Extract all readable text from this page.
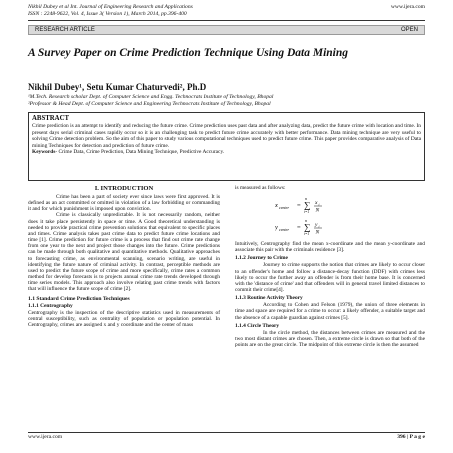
Nikhil Dubey et al Int. Journal of Engineering Research and Applications
ISSN : 2248-9622, Vol. 4, Issue 3( Version 1), March 2014, pp.396-400
www.ijera.com
RESEARCH ARTICLE	OPEN
A Survey Paper on Crime Prediction Technique Using Data Mining
Nikhil Dubey¹, Setu Kumar Chaturvedi², Ph.D
¹M.Tech. Research scholar Dept. of Computer Science and Engg. Technocrats Institute of Technology, Bhopal
²Professor & Head Dept. of Computer Science and Engineering Technocrats Institute of Technology, Bhopal
ABSTRACT
Crime prediction is an attempt to identify and reducing the future crime. Crime prediction uses past data and after analyzing data, predict the future crime with location and time. In present days serial criminal cases rapidly occur so it is an challenging task to predict future crime accurately with better performance. Data mining technique are very useful to solving Crime detection problem. So the aim of this paper to study various computational techniques used to predict future crime. This paper provides comparative analysis of Data mining Techniques for detection and prediction of future crime.
Keywords- Crime Data, Crime Prediction, Data Mining Technique, Predictive Accuracy.
I. INTRODUCTION

Crime has been a part of society ever since laws were first approved. It is defined as an act committed or omitted in violation of a law forbidding or commanding it and for which punishment is imposed upon conviction.

Crime is classically unpredictable. It is not necessarily random, neither does it take place persistently in space or time. A Good theoretical understanding is needed to provide practical crime prevention solutions that equivalent to specific places and times. Crime analysis takes past crime data to predict future crime locations and time [1]. Crime prediction for future crime is a process that find out crime rate change from one year to the next and project those changes into the future. Crime predictions can be made through both qualitative and quantitative methods. Qualitative approaches to forecasting crime, as environmental scanning, scenario writing, are useful in identifying the future nature of criminal activity. In contrast, perceptible methods are used to predict the future scope of crime and more specifically, crime rates a common method for develop forecasts is to projects annual crime rate trends developed through time series models. This approach also involve relating past crime trends with factors that will influence the future scope of crime [2].

1.1 Standard Crime Prediction Techniques
1.1.1 Centrography

Centrography is the inspection of the descriptive statistics used in measurements of central susceptibility, such as centrality of population or population potential. In Centrography, crimes are assigned x and y coordinate and the center of mass

is measured as follows:

x center =
n
∑
i=1
x i
N
y center =
n
∑
i=1
y i
N

Intuitively, Centrography find the mean x-coordinate and the mean y-coordinate and associate this pair with the criminals residence [3].

1.1.2 Journey to Crime

Journey to crime supports the notion that crimes are likely to occur closer to an offender's home and follow a distance-decay function (DDF) with crimes less likely to occur the further away an offender is from their home base. It is concerned with the 'distance of crime' and that offenders will in general travel limited distances to commit their crime[4].

1.1.3 Routine Activity Theory

According to Cohen and Felson (1979), the union of three elements in time and space are required for a crime to occur: a likely offender, a suitable target and the absence of a capable guardian against crimes [5].

1.1.4 Circle Theory

In the circle method, the distances between crimes are measured and the two most distant crimes are chosen. Then, a extreme circle is drawn so that both of the points are on the great circle. The midpoint of this extreme circle is then the assumed

www.ijera.com	396 | P a g e
